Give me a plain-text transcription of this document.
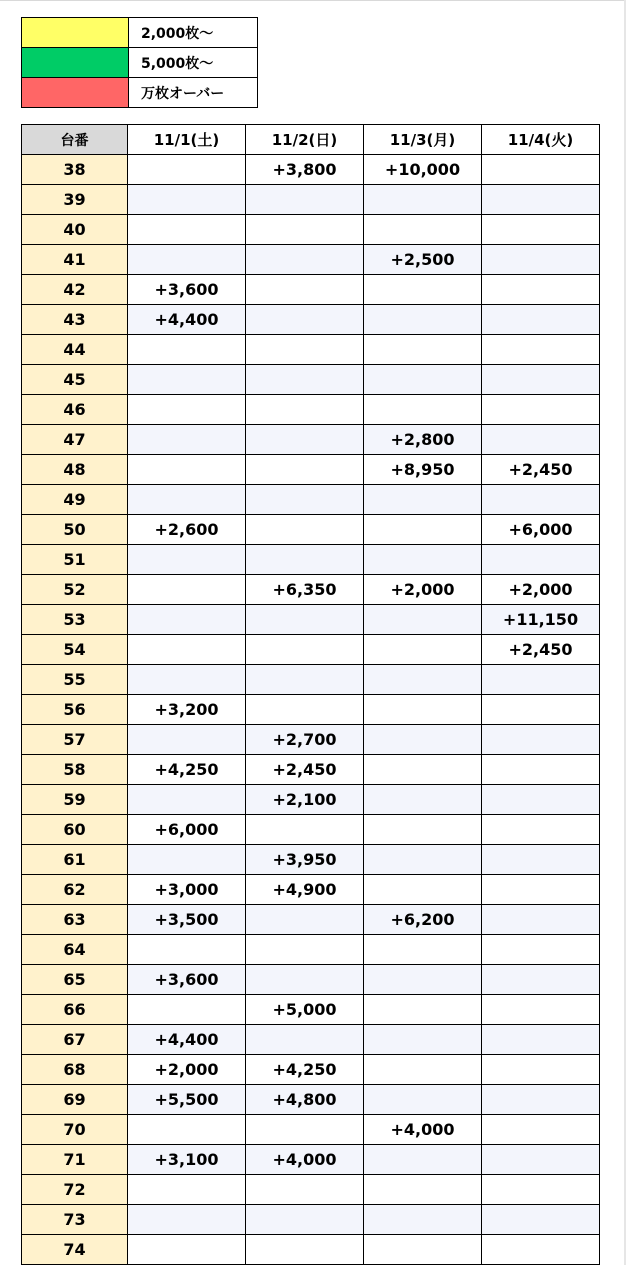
	2,000枚～
	5,000枚～
	万枚オーバー
台番	11/1(土)	11/2(日)	11/3(月)	11/4(火)
38		+3,800	+10,000	
39				
40				
41			+2,500	
42	+3,600			
43	+4,400			
44				
45				
46				
47			+2,800	
48			+8,950	+2,450
49				
50	+2,600			+6,000
51				
52		+6,350	+2,000	+2,000
53				+11,150
54				+2,450
55				
56	+3,200			
57		+2,700		
58	+4,250	+2,450		
59		+2,100		
60	+6,000			
61		+3,950		
62	+3,000	+4,900		
63	+3,500		+6,200	
64				
65	+3,600			
66		+5,000		
67	+4,400			
68	+2,000	+4,250		
69	+5,500	+4,800		
70			+4,000	
71	+3,100	+4,000		
72				
73				
74				
